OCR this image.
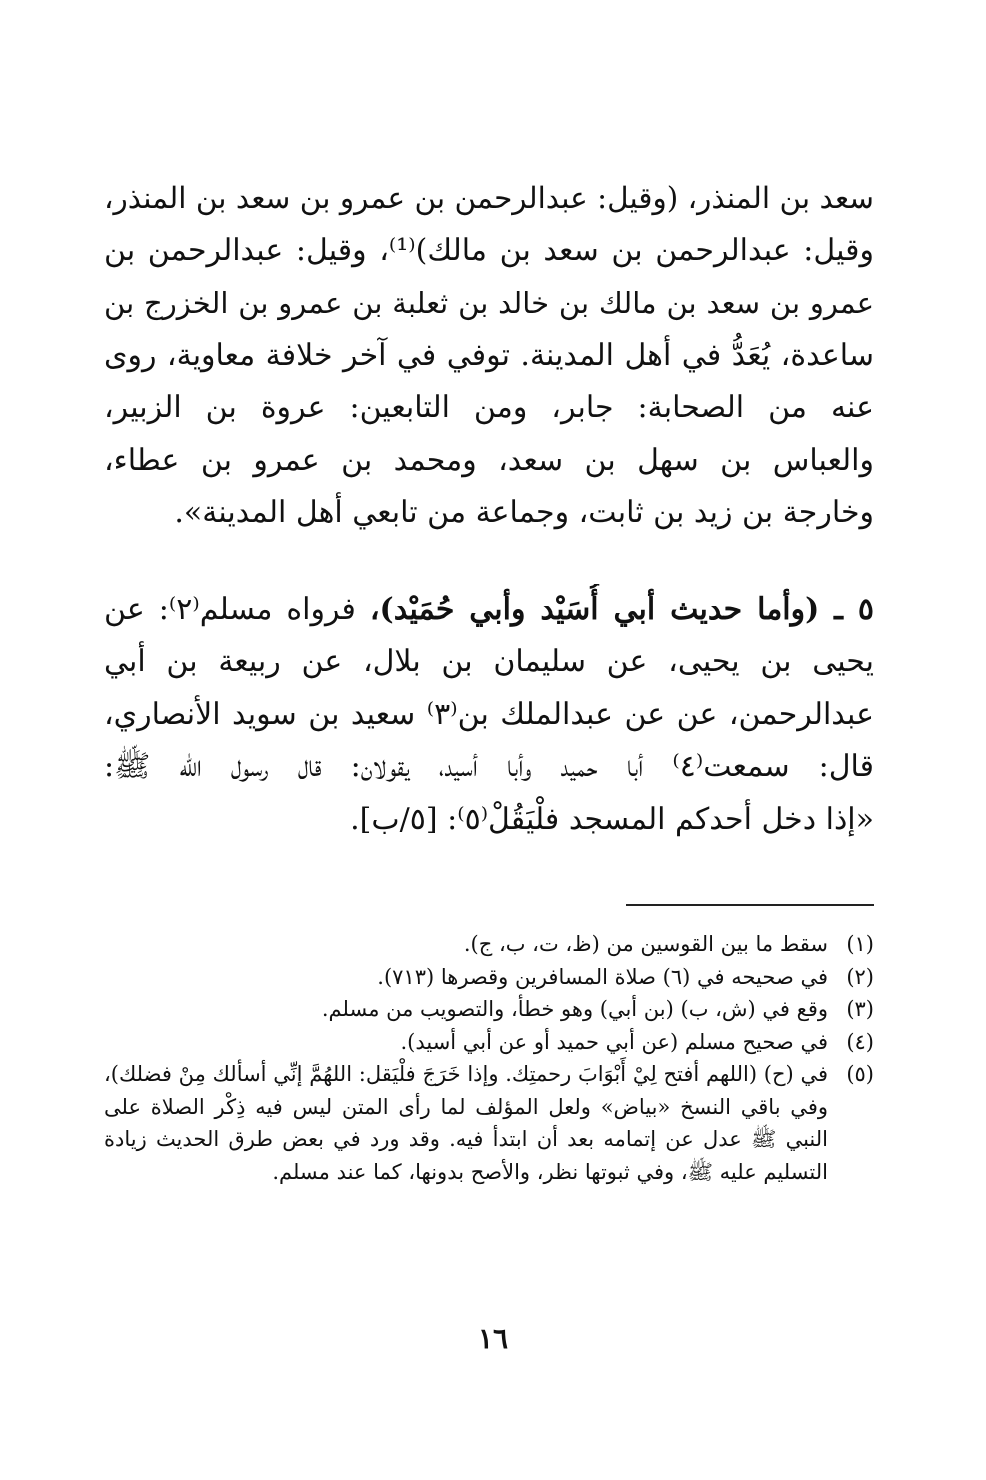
سعد بن المنذر، (وقيل: عبدالرحمن بن عمرو بن سعد بن المنذر،
وقيل: عبدالرحمن بن سعد بن مالك)⁽¹⁾، وقيل: عبدالرحمن بن
عمرو بن سعد بن مالك بن خالد بن ثعلبة بن عمرو بن الخزرج بن
ساعدة، يُعَدُّ في أهل المدينة. توفي في آخر خلافة معاوية، روى
عنه من الصحابة: جابر، ومن التابعين: عروة بن الزبير،
والعباس بن سهل بن سعد، ومحمد بن عمرو بن عطاء،
وخارجة بن زيد بن ثابت، وجماعة من تابعي أهل المدينة».
٥ ـ (وأما حديث أبي أُسَيْد وأبي حُمَيْد)، فرواه مسلم⁽٢⁾: عن
يحيى بن يحيى، عن سليمان بن بلال، عن ربيعة بن أبي
عبدالرحمن، عن عن عبدالملك بن⁽٣⁾ سعيد بن سويد الأنصاري،
قال: سمعت⁽٤⁾ أبا حميد وأبا أسيد، يقولان: قال رسول الله ﷺ:
«إذا دخل أحدكم المسجد فلْيَقُلْ⁽٥⁾: [٥/ب].
(١)
سقط ما بين القوسين من (ظ، ت، ب، ج).
(٢)
في صحيحه في (٦) صلاة المسافرين وقصرها (٧١٣).
(٣)
وقع في (ش، ب) (بن أبي) وهو خطأ، والتصويب من مسلم.
(٤)
في صحيح مسلم (عن أبي حميد أو عن أبي أسيد).
(٥)
في (ح) (اللهم أفتح لِيْ أَبْوَابَ رحمتِك. وإذا خَرَجَ فلْيَقل: اللهُمَّ إنِّي أسألك مِنْ فضلك)، وفي باقي النسخ «بياض» ولعل المؤلف لما رأى المتن ليس فيه ذِكْر الصلاة على النبي ﷺ عدل عن إتمامه بعد أن ابتدأ فيه. وقد ورد في بعض طرق الحديث زيادة التسليم عليه ﷺ، وفي ثبوتها نظر، والأصح بدونها، كما عند مسلم.
١٦
